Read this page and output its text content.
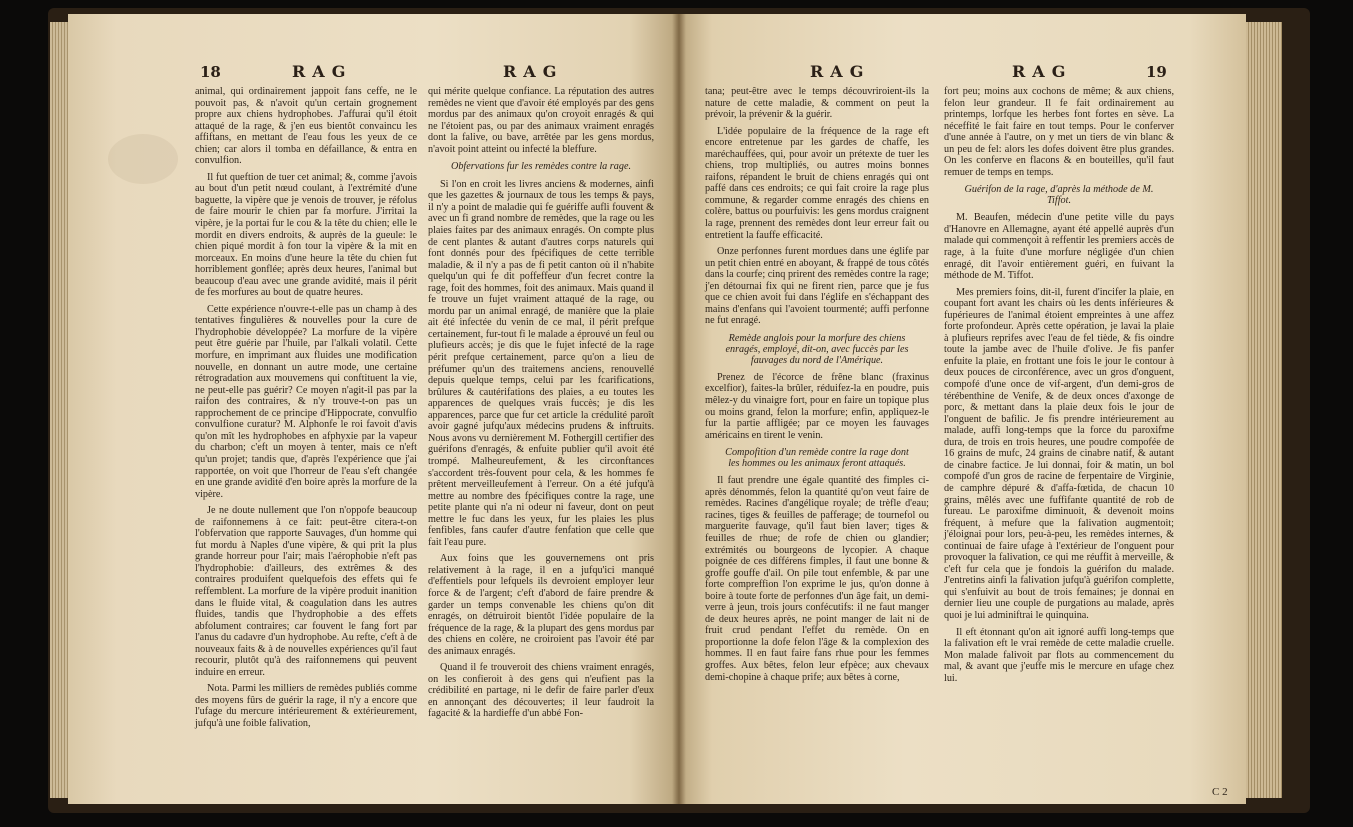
18	RAG	RAG

animal, qui ordinairement jappoit fans ceffe, ne le pouvoit pas, & n'avoit qu'un certain grognement propre aux chiens hydrophobes. J'affurai qu'il étoit attaqué de la rage, & j'en eus bientôt convaincu les affiftans, en mettant de l'eau fous les yeux de ce chien; car alors il tomba en défaillance, & entra en convulfion.

Il fut queftion de tuer cet animal; &, comme j'avois au bout d'un petit nœud coulant, à l'extrémité d'une baguette, la vipère que je venois de trouver, je réfolus de faire mourir le chien par fa morfure. J'irritai la vipère, je la portai fur le cou & la tête du chien; elle le mordit en divers endroits, & auprès de la gueule: le chien piqué mordit à fon tour la vipère & la mit en morceaux. En moins d'une heure la tête du chien fut horriblement gonflée; après deux heures, l'animal but beaucoup d'eau avec une grande avidité, mais il périt de fes morfures au bout de quatre heures.

Cette expérience n'ouvre-t-elle pas un champ à des tentatives fingulières & nouvelles pour la cure de l'hydrophobie développée? La morfure de la vipère peut être guérie par l'huile, par l'alkali volatil. Cette morfure, en imprimant aux fluides une modification nouvelle, en donnant un autre mode, une certaine rétrogradation aux mouvemens qui conftituent la vie, ne peut-elle pas guérir? Ce moyen n'agit-il pas par la raifon des contraires, & n'y trouve-t-on pas un rapprochement de ce principe d'Hippocrate, convulfio convulfione curatur? M. Alphonfe le roi favoit d'avis qu'on mît les hydrophobes en afphyxie par la vapeur du charbon; c'eft un moyen à tenter, mais ce n'eft qu'un projet; tandis que, d'après l'expérience que j'ai rapportée, on voit que l'horreur de l'eau s'eft changée en une grande avidité d'en boire après la morfure de la vipère.

Je ne doute nullement que l'on n'oppofe beaucoup de raifonnemens à ce fait: peut-être citera-t-on l'obfervation que rapporte Sauvages, d'un homme qui fut mordu à Naples d'une vipère, & qui prit la plus grande horreur pour l'air; mais l'aérophobie n'eft pas l'hydrophobie: d'ailleurs, des extrêmes & des contraires produifent quelquefois des effets qui fe reffemblent. La morfure de la vipère produit inanition dans le fluide vital, & coagulation dans les autres fluides, tandis que l'hydrophobie a des effets abfolument contraires; car fouvent le fang fort par l'anus du cadavre d'un hydrophobe. Au refte, c'eft à de nouveaux faits & à de nouvelles expériences qu'il faut recourir, plutôt qu'à des raifonnemens qui peuvent induire en erreur.

Nota. Parmi les milliers de remèdes publiés comme des moyens fûrs de guérir la rage, il n'y a encore que l'ufage du mercure intérieurement & extérieurement, jufqu'à une foible falivation,

qui mérite quelque confiance. La réputation des autres remèdes ne vient que d'avoir été employés par des gens mordus par des animaux qu'on croyoit enragés & qui ne l'étoient pas, ou par des animaux vraiment enragés dont la falive, ou bave, arrêtée par les gens mordus, n'avoit point atteint ou infecté la bleffure.

Obfervations fur les remèdes contre la rage.

Si l'on en croit les livres anciens & modernes, ainfi que les gazettes & journaux de tous les temps & pays, il n'y a point de maladie qui fe guériffe aufli fouvent & avec un fi grand nombre de remèdes, que la rage ou les plaies faites par des animaux enragés. On compte plus de cent plantes & autant d'autres corps naturels qui font donnés pour des fpécifiques de cette terrible maladie, & il n'y a pas de fi petit canton où il n'habite quelqu'un qui fe dit poffeffeur d'un fecret contre la rage, foit des hommes, foit des animaux. Mais quand il fe trouve un fujet vraiment attaqué de la rage, ou mordu par un animal enragé, de manière que la plaie ait été infectée du venin de ce mal, il périt prefque certainement, fur-tout fi le malade a éprouvé un feul ou plufieurs accès; je dis que le fujet infecté de la rage périt prefque certainement, parce qu'on a lieu de préfumer qu'un des traitemens anciens, renouvellé depuis quelque temps, celui par les fcarifications, brûlures & cautérifations des plaies, a eu toutes les apparences de quelques vrais fuccès; je dis les apparences, parce que fur cet article la crédulité paroît avoir gagné jufqu'aux médecins prudens & inftruits. Nous avons vu dernièrement M. Fothergill certifier des guérifons d'enragés, & enfuite publier qu'il avoit été trompé. Malheureufement, & les circonftances s'accordent très-fouvent pour cela, & les hommes fe prêtent merveilleufement à l'erreur. On a été jufqu'à mettre au nombre des fpécifiques contre la rage, une petite plante qui n'a ni odeur ni faveur, dont on peut mettre le fuc dans les yeux, fur les plaies les plus fenfibles, fans caufer d'autre fenfation que celle que fait l'eau pure.

Aux foins que les gouvernemens ont pris relativement à la rage, il en a jufqu'ici manqué d'effentiels pour lefquels ils devroient employer leur force & de l'argent; c'eft d'abord de faire prendre & garder un temps convenable les chiens qu'on dit enragés, on détruiroit bientôt l'idée populaire de la fréquence de la rage, & la plupart des gens mordus par des chiens en colère, ne croiroient pas l'avoir été par des animaux enragés.

Quand il fe trouveroit des chiens vraiment enragés, on les confieroit à des gens qui n'eufient pas la crédibilité en partage, ni le defir de faire parler d'eux en annonçant des découvertes; il leur faudroit la fagacité & la hardieffe d'un abbé Fon-

RAG	RAG	19

tana; peut-être avec le temps découvriroient-ils la nature de cette maladie, & comment on peut la prévoir, la prévenir & la guérir.

L'idée populaire de la fréquence de la rage eft encore entretenue par les gardes de chaffe, les maréchauffées, qui, pour avoir un prétexte de tuer les chiens, trop multipliés, ou autres moins bonnes raifons, répandent le bruit de chiens enragés qui ont paffé dans ces endroits; ce qui fait croire la rage plus commune, & regarder comme enragés des chiens en colère, battus ou pourfuivis: les gens mordus craignent la rage, prennent des remèdes dont leur erreur fait ou entretient la fauffe efficacité.

Onze perfonnes furent mordues dans une églife par un petit chien entré en aboyant, & frappé de tous côtés dans la courfe; cinq prirent des remèdes contre la rage; j'en détournai fix qui ne firent rien, parce que je fus que ce chien avoit fui dans l'églife en s'échappant des mains d'enfans qui l'avoient tourmenté; auffi perfonne ne fut enragé.

Remède anglois pour la morfure des chiens enragés, employé, dit-on, avec fuccès par les fauvages du nord de l'Amérique.

Prenez de l'écorce de frêne blanc (fraxinus excelfior), faites-la brûler, réduifez-la en poudre, puis mêlez-y du vinaigre fort, pour en faire un topique plus ou moins grand, felon la morfure; enfin, appliquez-le fur la partie affligée; par ce moyen les fauvages américains en tirent le venin.

Compofition d'un remède contre la rage dont les hommes ou les animaux feront attaqués.

Il faut prendre une égale quantité des fimples ci-après dénommés, felon la quantité qu'on veut faire de remèdes. Racines d'angélique royale; de trèfle d'eau; racines, tiges & feuilles de pafferage; de tournefol ou marguerite fauvage, qu'il faut bien laver; tiges & feuilles de rhue; de rofe de chien ou glandier; extrémités ou bourgeons de lycopier. A chaque poignée de ces différens fimples, il faut une bonne & groffe gouffe d'ail. On pile tout enfemble, & par une forte compreffion l'on exprime le jus, qu'on donne à boire à toute forte de perfonnes d'un âge fait, un demi-verre à jeun, trois jours confécutifs: il ne faut manger de deux heures après, ne point manger de lait ni de fruit crud pendant l'effet du remède. On en proportionne la dofe felon l'âge & la complexion des hommes. Il en faut faire fans rhue pour les femmes groffes. Aux bêtes, felon leur efpèce; aux chevaux demi-chopine à chaque prife; aux bêtes à corne,

fort peu; moins aux cochons de même; & aux chiens, felon leur grandeur. Il fe fait ordinairement au printemps, lorfque les herbes font fortes en sève. La néceffité le fait faire en tout temps. Pour le conferver d'une année à l'autre, on y met un tiers de vin blanc & un peu de fel: alors les dofes doivent être plus grandes. On les conferve en flacons & en bouteilles, qu'il faut remuer de temps en temps.

Guérifon de la rage, d'après la méthode de M. Tiffot.

M. Beaufen, médecin d'une petite ville du pays d'Hanovre en Allemagne, ayant été appellé auprès d'un malade qui commençoit à reffentir les premiers accès de rage, à la fuite d'une morfure négligée d'un chien enragé, dit l'avoir entièrement guéri, en fuivant la méthode de M. Tiffot.

Mes premiers foins, dit-il, furent d'incifer la plaie, en coupant fort avant les chairs où les dents inférieures & fupérieures de l'animal étoient empreintes à une affez forte profondeur. Après cette opération, je lavai la plaie à plufieurs reprifes avec l'eau de fel tiède, & fis oindre toute la jambe avec de l'huile d'olive. Je fis panfer enfuite la plaie, en frottant une fois le jour le contour à deux pouces de circonférence, avec un gros d'onguent, compofé d'une once de vif-argent, d'un demi-gros de térébenthine de Venife, & de deux onces d'axonge de porc, & mettant dans la plaie deux fois le jour de l'onguent de bafilic. Je fis prendre intérieurement au malade, auffi long-temps que la force du paroxifme dura, de trois en trois heures, une poudre compofée de 16 grains de mufc, 24 grains de cinabre natif, & autant de cinabre factice. Je lui donnai, foir & matin, un bol compofé d'un gros de racine de ferpentaire de Virginie, de camphre dépuré & d'affa-fœtida, de chacun 10 grains, mêlés avec une fuffifante quantité de rob de fureau. Le paroxifme diminuoit, & devenoit moins fréquent, à mefure que la falivation augmentoit; j'éloignai pour lors, peu-à-peu, les remèdes internes, & continuai de faire ufage à l'extérieur de l'onguent pour provoquer la falivation, ce qui me réuffit à merveille, & c'eft fur cela que je fondois la guérifon du malade. J'entretins ainfi la falivation jufqu'à guérifon complette, qui s'enfuivit au bout de trois femaines; je donnai en dernier lieu une couple de purgations au malade, après quoi je lui adminiftrai le quinquina.

Il eft étonnant qu'on ait ignoré auffi long-temps que la falivation eft le vrai remède de cette maladie cruelle. Mon malade falivoit par flots au commencement du mal, & avant que j'euffe mis le mercure en ufage chez lui.

C 2
